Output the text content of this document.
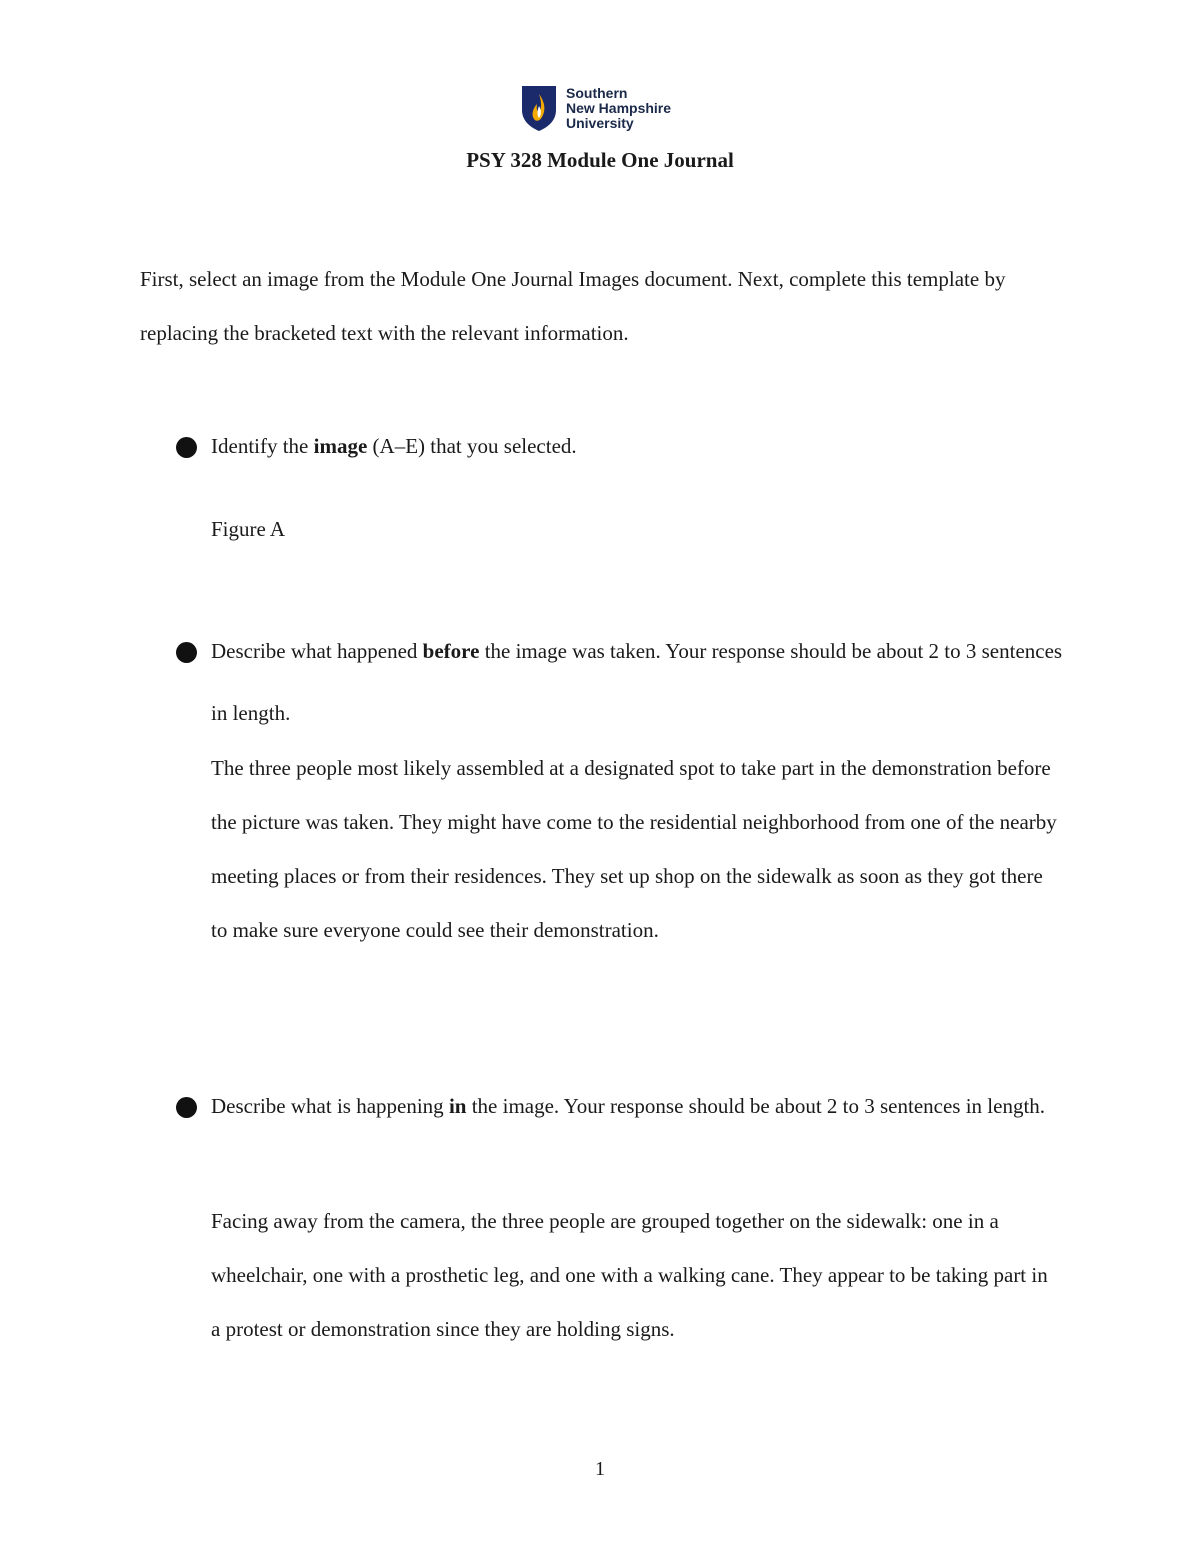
Southern
New Hampshire
University
PSY 328 Module One Journal
First, select an image from the Module One Journal Images document. Next, complete this template by replacing the bracketed text with the relevant information.
Identify the image (A–E) that you selected.
Figure A
Describe what happened before the image was taken. Your response should be about 2 to 3 sentences in length.
The three people most likely assembled at a designated spot to take part in the demonstration before the picture was taken. They might have come to the residential neighborhood from one of the nearby meeting places or from their residences. They set up shop on the sidewalk as soon as they got there to make sure everyone could see their demonstration.
Describe what is happening in the image. Your response should be about 2 to 3 sentences in length.
Facing away from the camera, the three people are grouped together on the sidewalk: one in a wheelchair, one with a prosthetic leg, and one with a walking cane. They appear to be taking part in a protest or demonstration since they are holding signs.
1
